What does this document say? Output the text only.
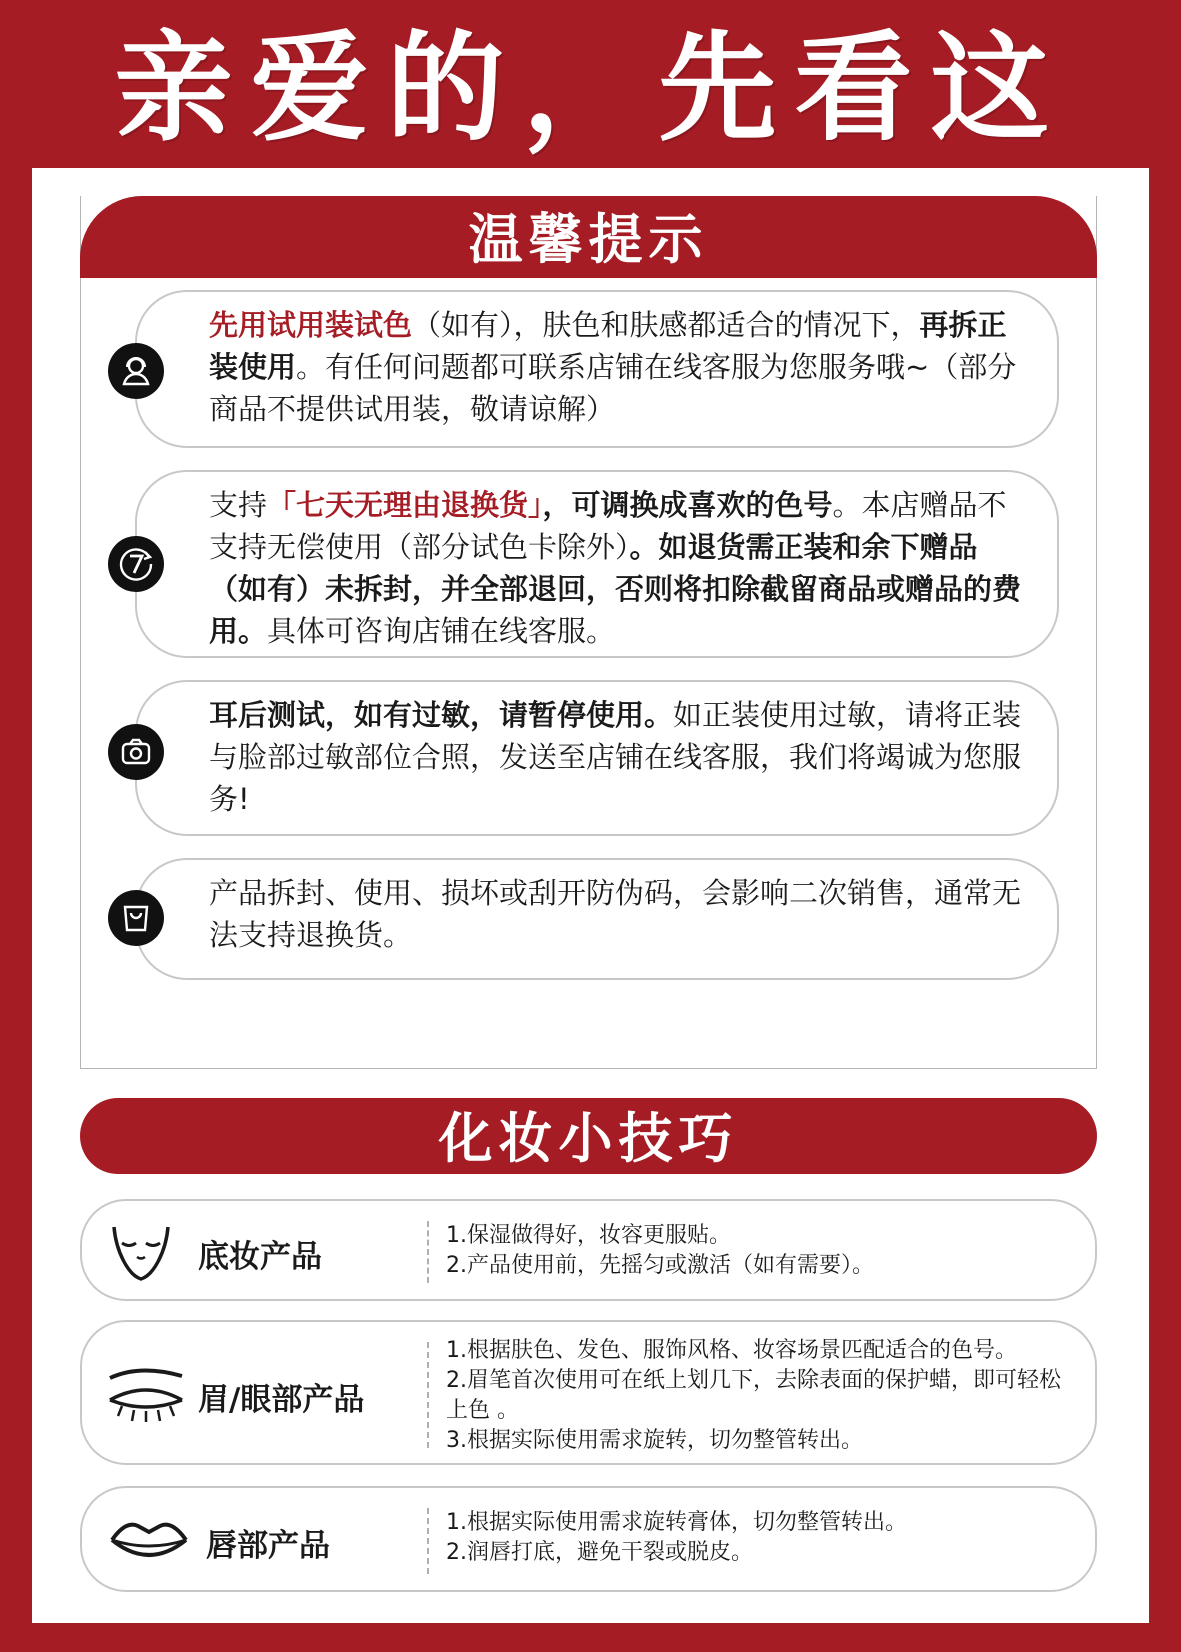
亲爱的，先看这
温馨提示

先用试用装试色（如有），肤色和肤感都适合的情况下，再拆正装使用。有任何问题都可联系店铺在线客服为您服务哦~（部分商品不提供试用装，敬请谅解）

支持「七天无理由退换货」，可调换成喜欢的色号。本店赠品不支持无偿使用（部分试色卡除外）。如退货需正装和余下赠品（如有）未拆封，并全部退回，否则将扣除截留商品或赠品的费用。具体可咨询店铺在线客服。

耳后测试，如有过敏，请暂停使用。如正装使用过敏，请将正装与脸部过敏部位合照，发送至店铺在线客服，我们将竭诚为您服务!

产品拆封、使用、损坏或刮开防伪码，会影响二次销售，通常无法支持退换货。

化妆小技巧
底妆产品
1.保湿做得好，妆容更服贴。
2.产品使用前，先摇匀或激活（如有需要）。
眉/眼部产品
1.根据肤色、发色、服饰风格、妆容场景匹配适合的色号。
2.眉笔首次使用可在纸上划几下，去除表面的保护蜡，即可轻松上色 。
3.根据实际使用需求旋转，切勿整管转出。
唇部产品
1.根据实际使用需求旋转膏体，切勿整管转出。
2.润唇打底，避免干裂或脱皮。
